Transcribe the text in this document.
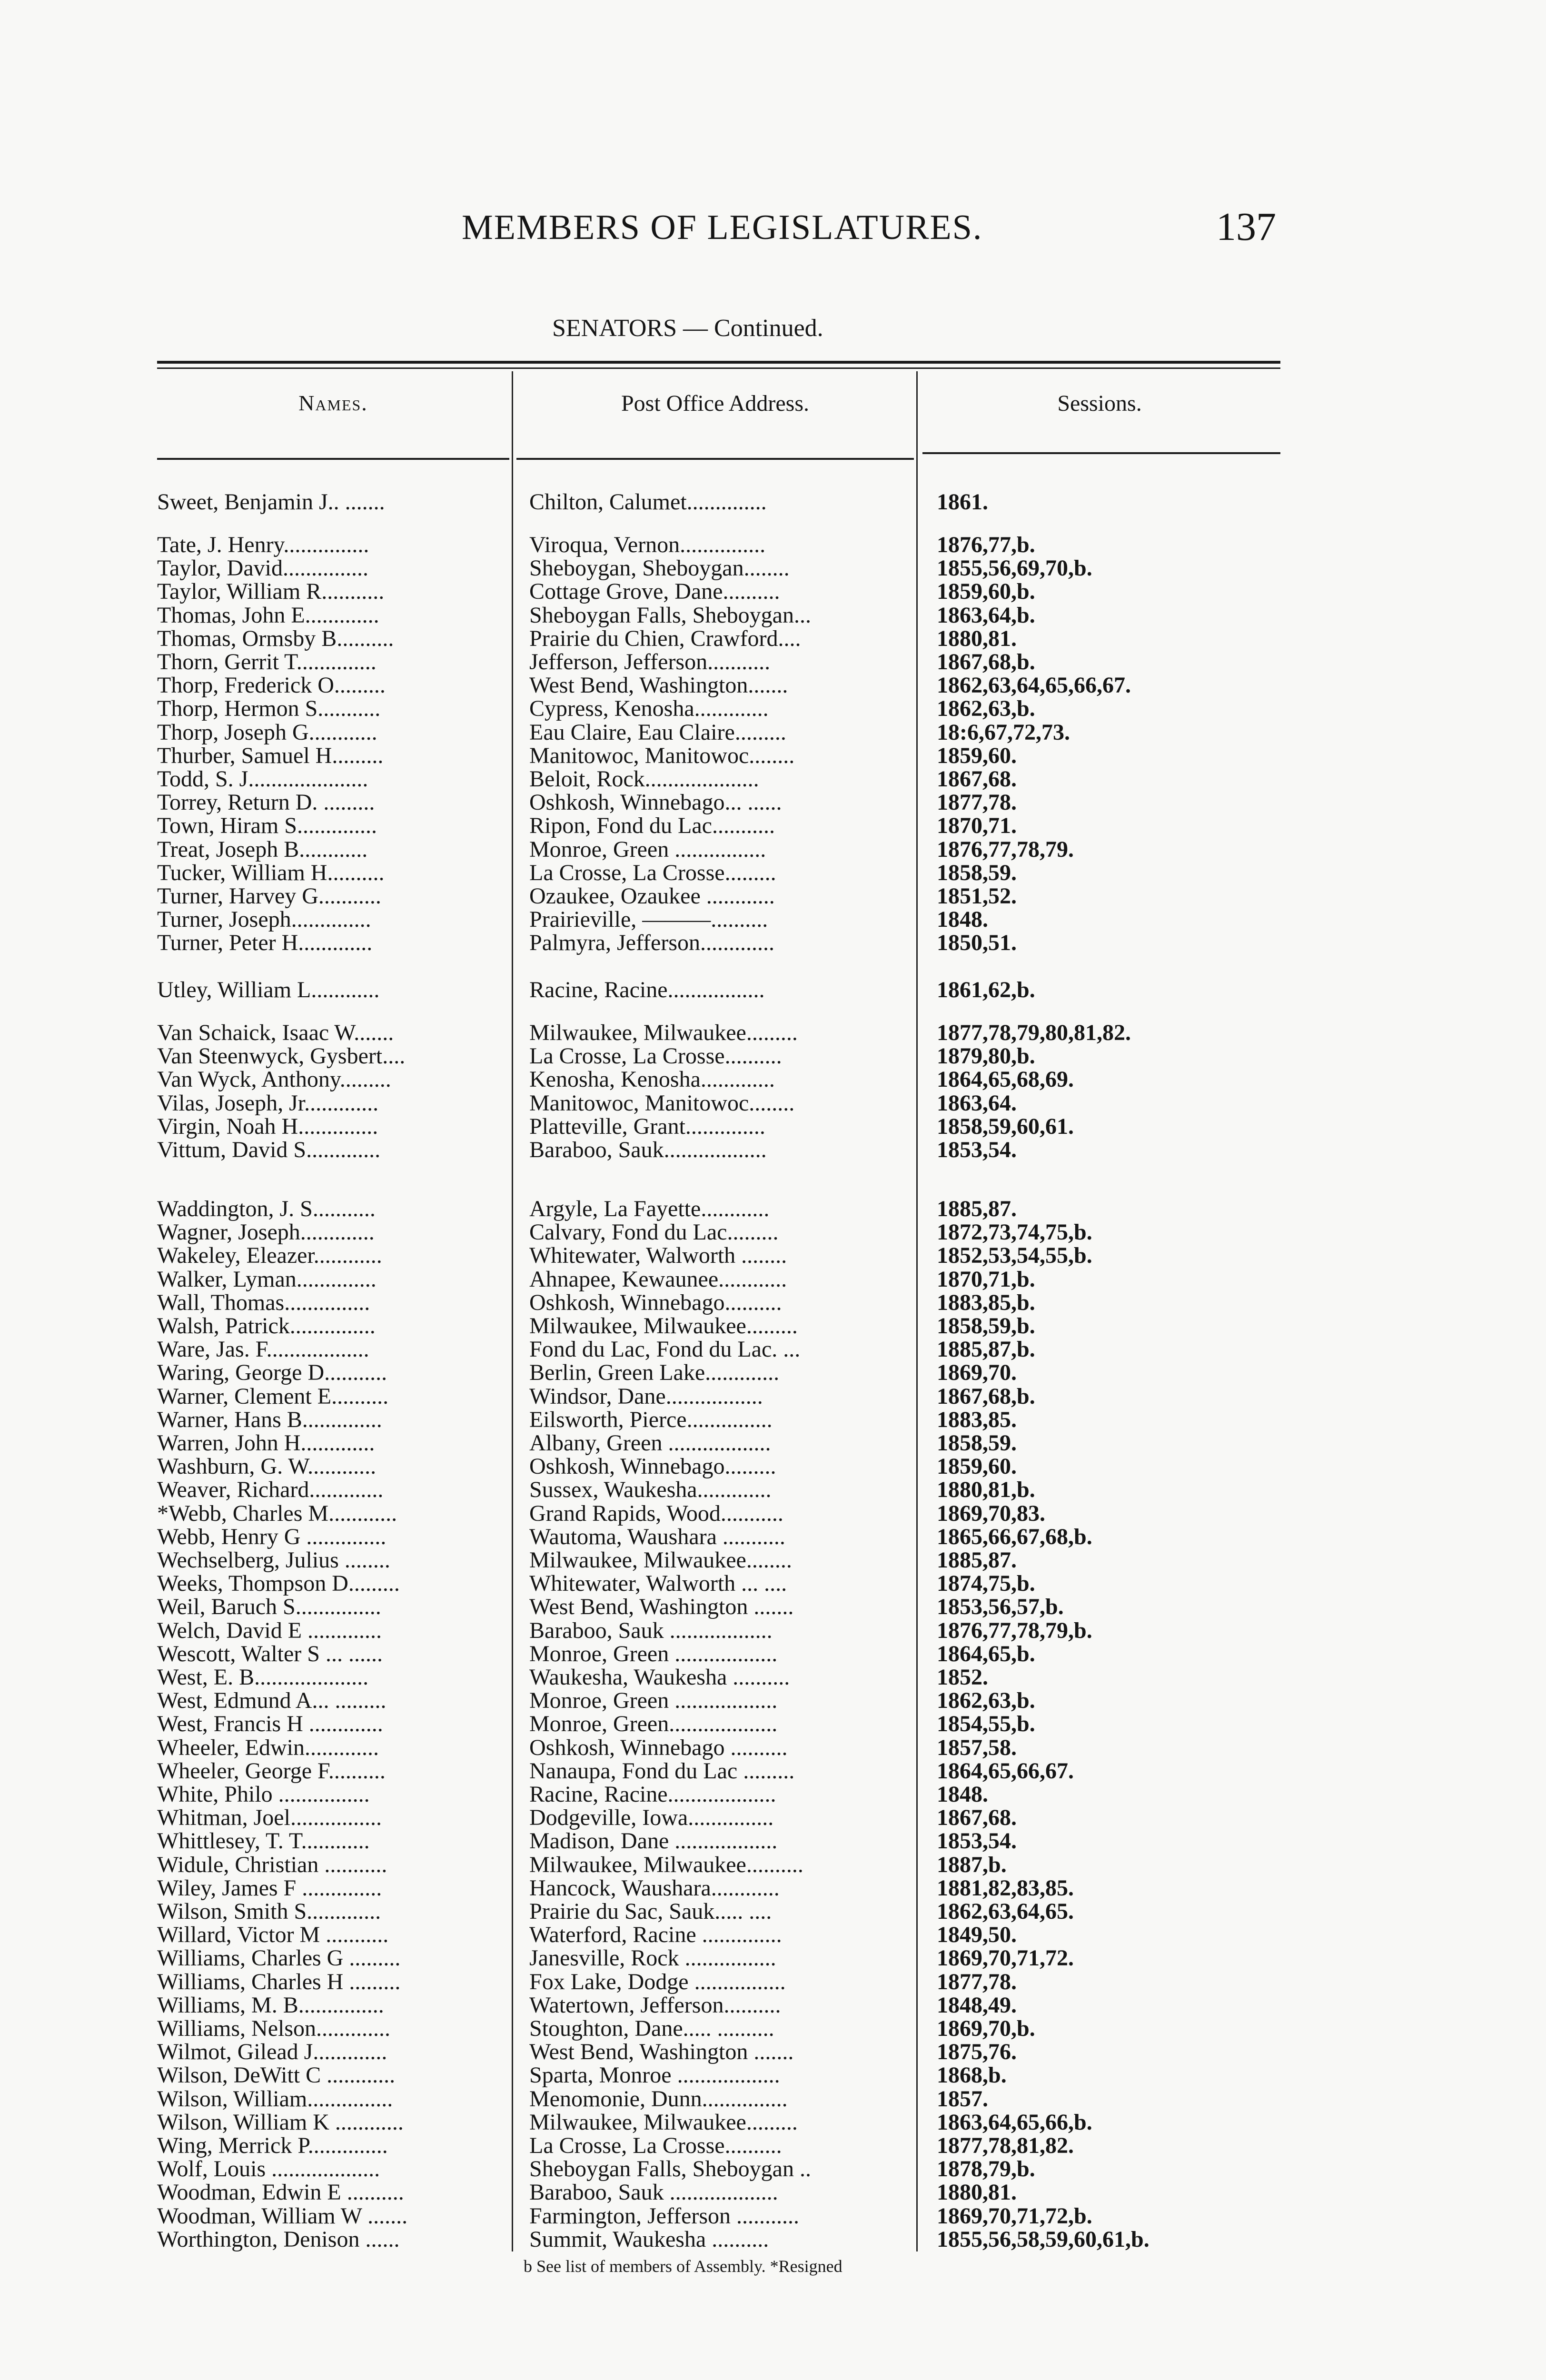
MEMBERS OF LEGISLATURES.	137
SENATORS — Continued.
Names.	Post Office Address.	Sessions.
Sweet, Benjamin J.. .......	Chilton, Calumet..............	1861.
Tate, J. Henry...............	Viroqua, Vernon...............	1876,77,b.
Taylor, David...............	Sheboygan, Sheboygan........	1855,56,69,70,b.
Taylor, William R...........	Cottage Grove, Dane..........	1859,60,b.
Thomas, John E.............	Sheboygan Falls, Sheboygan...	1863,64,b.
Thomas, Ormsby B..........	Prairie du Chien, Crawford....	1880,81.
Thorn, Gerrit T..............	Jefferson, Jefferson...........	1867,68,b.
Thorp, Frederick O.........	West Bend, Washington.......	1862,63,64,65,66,67.
Thorp, Hermon S...........	Cypress, Kenosha.............	1862,63,b.
Thorp, Joseph G............	Eau Claire, Eau Claire.........	18:6,67,72,73.
Thurber, Samuel H.........	Manitowoc, Manitowoc........	1859,60.
Todd, S. J.....................	Beloit, Rock....................	1867,68.
Torrey, Return D. .........	Oshkosh, Winnebago... ......	1877,78.
Town, Hiram S..............	Ripon, Fond du Lac...........	1870,71.
Treat, Joseph B............	Monroe, Green ................	1876,77,78,79.
Tucker, William H..........	La Crosse, La Crosse.........	1858,59.
Turner, Harvey G...........	Ozaukee, Ozaukee ............	1851,52.
Turner, Joseph..............	Prairieville, ———..........	1848.
Turner, Peter H.............	Palmyra, Jefferson.............	1850,51.
Utley, William L............	Racine, Racine.................	1861,62,b.
Van Schaick, Isaac W.......	Milwaukee, Milwaukee.........	1877,78,79,80,81,82.
Van Steenwyck, Gysbert....	La Crosse, La Crosse..........	1879,80,b.
Van Wyck, Anthony.........	Kenosha, Kenosha.............	1864,65,68,69.
Vilas, Joseph, Jr.............	Manitowoc, Manitowoc........	1863,64.
Virgin, Noah H..............	Platteville, Grant..............	1858,59,60,61.
Vittum, David S.............	Baraboo, Sauk..................	1853,54.
Waddington, J. S...........	Argyle, La Fayette............	1885,87.
Wagner, Joseph.............	Calvary, Fond du Lac.........	1872,73,74,75,b.
Wakeley, Eleazer............	Whitewater, Walworth ........	1852,53,54,55,b.
Walker, Lyman..............	Ahnapee, Kewaunee............	1870,71,b.
Wall, Thomas...............	Oshkosh, Winnebago..........	1883,85,b.
Walsh, Patrick...............	Milwaukee, Milwaukee.........	1858,59,b.
Ware, Jas. F..................	Fond du Lac, Fond du Lac. ...	1885,87,b.
Waring, George D...........	Berlin, Green Lake.............	1869,70.
Warner, Clement E..........	Windsor, Dane.................	1867,68,b.
Warner, Hans B..............	Eilsworth, Pierce...............	1883,85.
Warren, John H.............	Albany, Green ..................	1858,59.
Washburn, G. W............	Oshkosh, Winnebago.........	1859,60.
Weaver, Richard.............	Sussex, Waukesha.............	1880,81,b.
*Webb, Charles M............	Grand Rapids, Wood...........	1869,70,83.
Webb, Henry G ..............	Wautoma, Waushara ...........	1865,66,67,68,b.
Wechselberg, Julius ........	Milwaukee, Milwaukee........	1885,87.
Weeks, Thompson D.........	Whitewater, Walworth ... ....	1874,75,b.
Weil, Baruch S...............	West Bend, Washington .......	1853,56,57,b.
Welch, David E .............	Baraboo, Sauk ..................	1876,77,78,79,b.
Wescott, Walter S ... ......	Monroe, Green ..................	1864,65,b.
West, E. B....................	Waukesha, Waukesha ..........	1852.
West, Edmund A... .........	Monroe, Green ..................	1862,63,b.
West, Francis H .............	Monroe, Green...................	1854,55,b.
Wheeler, Edwin.............	Oshkosh, Winnebago ..........	1857,58.
Wheeler, George F..........	Nanaupa, Fond du Lac .........	1864,65,66,67.
White, Philo ................	Racine, Racine...................	1848.
Whitman, Joel................	Dodgeville, Iowa...............	1867,68.
Whittlesey, T. T............	Madison, Dane ..................	1853,54.
Widule, Christian ...........	Milwaukee, Milwaukee..........	1887,b.
Wiley, James F ..............	Hancock, Waushara............	1881,82,83,85.
Wilson, Smith S.............	Prairie du Sac, Sauk..... ....	1862,63,64,65.
Willard, Victor M ...........	Waterford, Racine ..............	1849,50.
Williams, Charles G .........	Janesville, Rock ................	1869,70,71,72.
Williams, Charles H .........	Fox Lake, Dodge ................	1877,78.
Williams, M. B...............	Watertown, Jefferson..........	1848,49.
Williams, Nelson.............	Stoughton, Dane..... ..........	1869,70,b.
Wilmot, Gilead J.............	West Bend, Washington .......	1875,76.
Wilson, DeWitt C ............	Sparta, Monroe ..................	1868,b.
Wilson, William...............	Menomonie, Dunn...............	1857.
Wilson, William K ............	Milwaukee, Milwaukee.........	1863,64,65,66,b.
Wing, Merrick P..............	La Crosse, La Crosse..........	1877,78,81,82.
Wolf, Louis ...................	Sheboygan Falls, Sheboygan ..	1878,79,b.
Woodman, Edwin E ..........	Baraboo, Sauk ...................	1880,81.
Woodman, William W .......	Farmington, Jefferson ...........	1869,70,71,72,b.
Worthington, Denison ......	Summit, Waukesha ..........	1855,56,58,59,60,61,b.
b See list of members of Assembly. *Resigned
